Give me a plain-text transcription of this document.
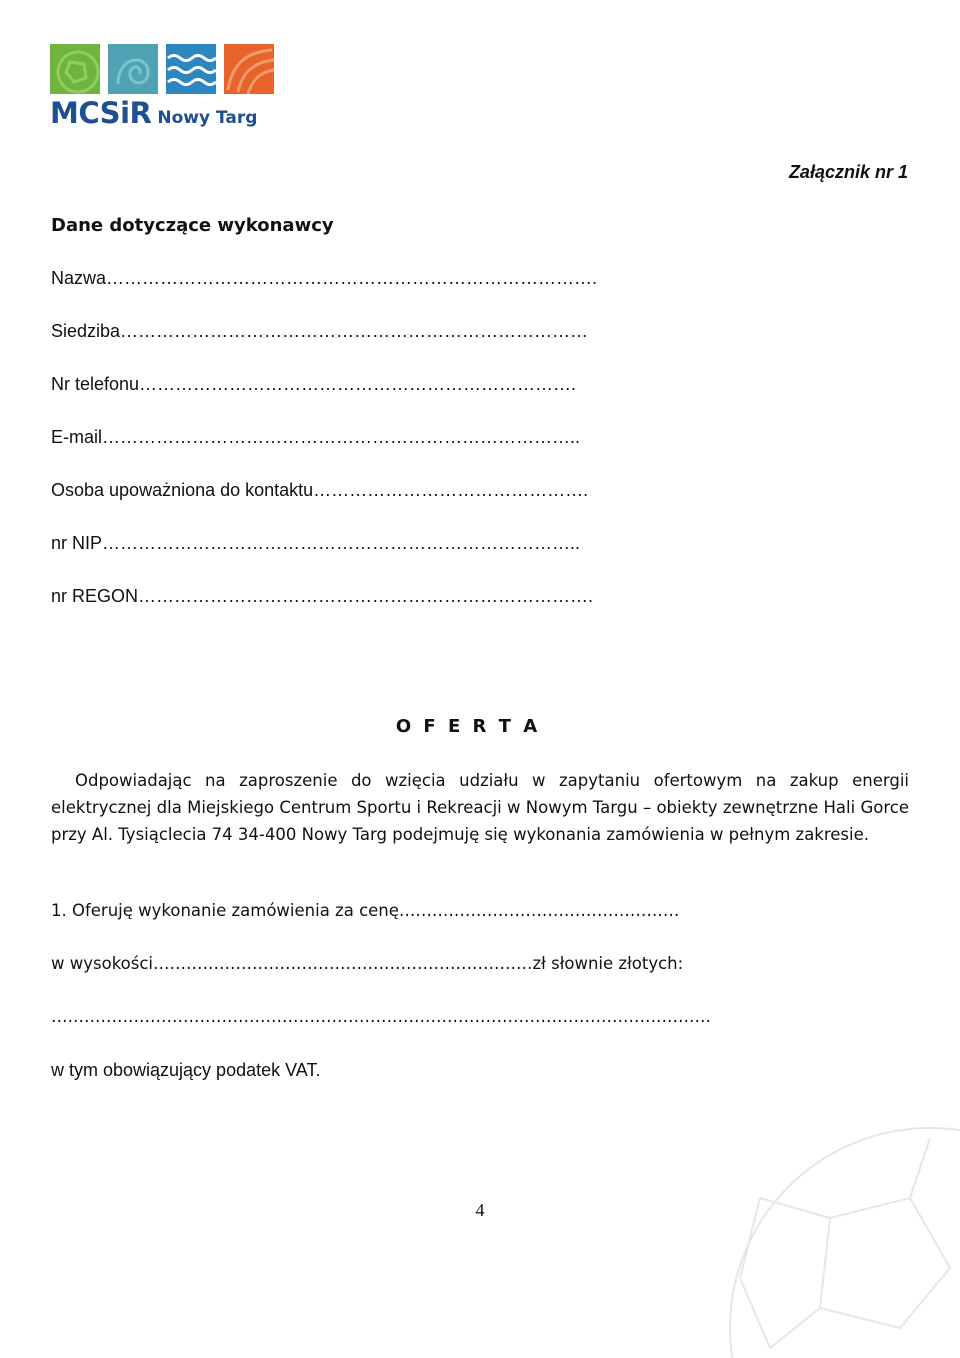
MCSiR Nowy Targ
Załącznik nr 1
Dane dotyczące wykonawcy
Nazwa……………………………………………………………………….
Siedziba……………………………………………………………………
Nr telefonu……………………………………………………………….
E-mail……………………………………………………………………..
Osoba upoważniona do kontaktu……………………………………….
nr NIP……………………………………………………………………..
nr REGON………………………………………………………………….
O F E R T A
Odpowiadając na zaproszenie do wzięcia udziału w zapytaniu ofertowym na zakup energii elektrycznej dla Miejskiego Centrum Sportu i Rekreacji w Nowym Targu – obiekty zewnętrzne Hali Gorce przy Al. Tysiąclecia 74 34-400 Nowy Targ podejmuję się wykonania zamówienia w pełnym zakresie.
1. Oferuję wykonanie zamówienia za cenę……………………………………………
w wysokości……………………………………………………………zł słownie złotych:
…………………………………………………………………………………………………………
w tym obowiązujący podatek VAT.
4
